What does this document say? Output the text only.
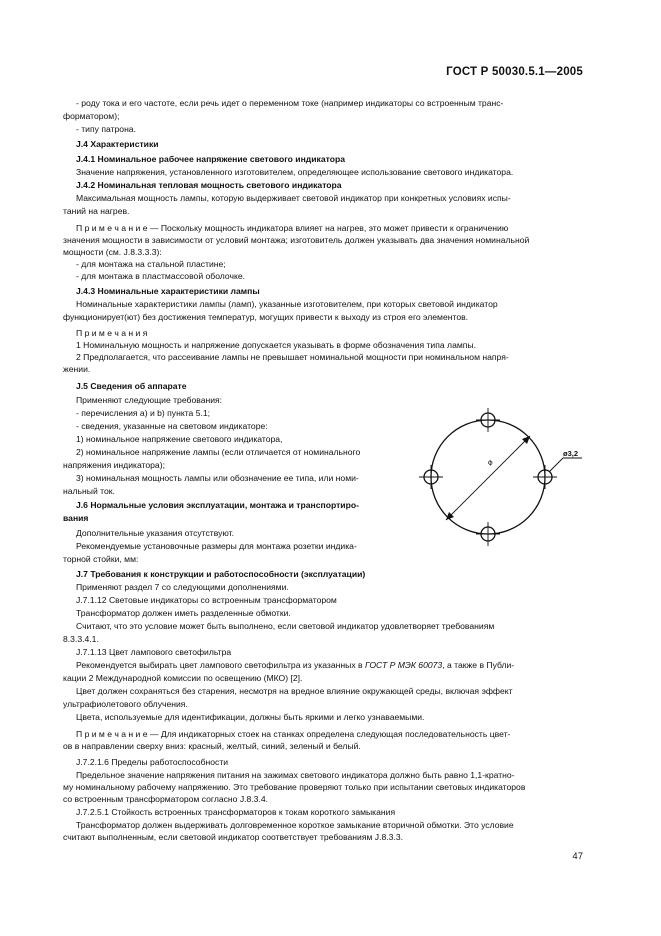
ГОСТ Р 50030.5.1—2005
- роду тока и его частоте, если речь идет о переменном токе (например индикаторы со встроенным транс-
форматором);
- типу патрона.
J.4 Характеристики
J.4.1 Номинальное рабочее напряжение светового индикатора
Значение напряжения, установленного изготовителем, определяющее использование светового индикатора.
J.4.2 Номинальная тепловая мощность светового индикатора
Максимальная мощность лампы, которую выдерживает световой индикатор при конкретных условиях испы-
таний на нагрев.
П р и м е ч а н и е — Поскольку мощность индикатора влияет на нагрев, это может привести к ограничению
значения мощности в зависимости от условий монтажа; изготовитель должен указывать два значения номинальной
мощности (см. J.8.3.3.3):
- для монтажа на стальной пластине;
- для монтажа в пластмассовой оболочке.
J.4.3 Номинальные характеристики лампы
Номинальные характеристики лампы (ламп), указанные изготовителем, при которых световой индикатор
функционирует(ют) без достижения температур, могущих привести к выходу из строя его элементов.
П р и м е ч а н и я
1 Номинальную мощность и напряжение допускается указывать в форме обозначения типа лампы.
2 Предполагается, что рассеивание лампы не превышает номинальной мощности при номинальном напря-
жении.
J.5 Сведения об аппарате
Применяют следующие требования:
- перечисления а) и b) пункта 5.1;
- сведения, указанные на световом индикаторе:
1) номинальное напряжение светового индикатора,
2) номинальное напряжение лампы (если отличается от номинального
напряжения индикатора);
3) номинальная мощность лампы или обозначение ее типа, или номи-
нальный ток.
J.6 Нормальные условия эксплуатации, монтажа и транспортиро-
вания
Дополнительные указания отсутствуют.
Рекомендуемые установочные размеры для монтажа розетки индика-
торной стойки, мм:
J.7 Требования к конструкции и работоспособности (эксплуатации)
Применяют раздел 7 со следующими дополнениями.
J.7.1.12 Световые индикаторы со встроенным трансформатором
Трансформатор должен иметь разделенные обмотки.
Считают, что это условие может быть выполнено, если световой индикатор удовлетворяет требованиям
8.3.3.4.1.
J.7.1.13 Цвет лампового светофильтра
Рекомендуется выбирать цвет лампового светофильтра из указанных в ГОСТ Р МЭК 60073, а также в Публи-
кации 2 Международной комиссии по освещению (МКО) [2].
Цвет должен сохраняться без старения, несмотря на вредное влияние окружающей среды, включая эффект
ультрафиолетового облучения.
Цвета, используемые для идентификации, должны быть яркими и легко узнаваемыми.
П р и м е ч а н и е — Для индикаторных стоек на станках определена следующая последовательность цвет-
ов в направлении сверху вниз: красный, желтый, синий, зеленый и белый.
J.7.2.1.6 Пределы работоспособности
Предельное значение напряжения питания на зажимах светового индикатора должно быть равно 1,1-кратно-
му номинальному рабочему напряжению. Это требование проверяют только при испытании световых индикаторов
со встроенным трансформатором согласно J.8.3.4.
J.7.2.5.1 Стойкость встроенных трансформаторов к токам короткого замыкания
Трансформатор должен выдерживать долговременное короткое замыкание вторичной обмотки. Это условие
считают выполненным, если световой индикатор соответствует требованиям J.8.3.3.
ø
ø3,2
47
